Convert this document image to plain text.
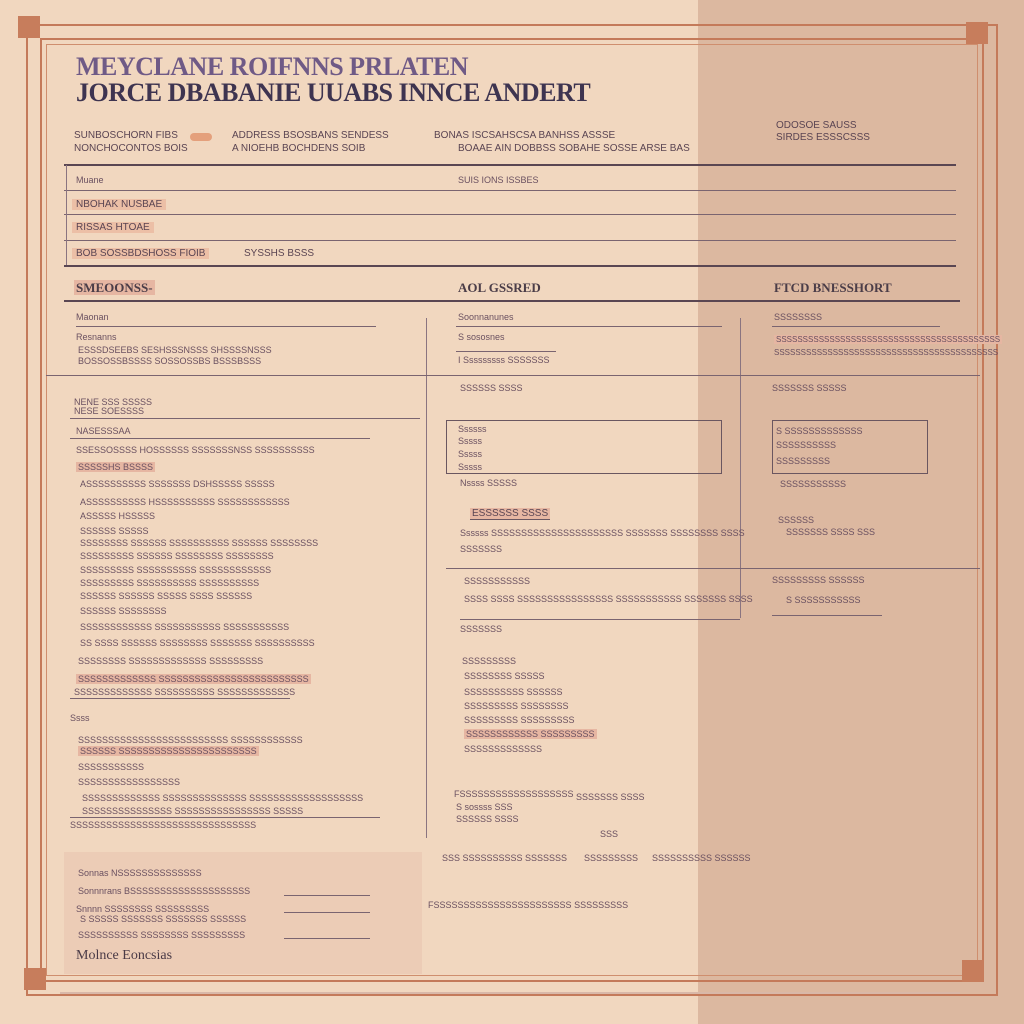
MEYCLANE ROIFNNS PRLATEN
JORCE DBABANIE UUABS INNCE ANDERT
SUNBOSCHORN FIBS
NONCHOCONTOS BOIS
ADDRESS BSOSBANS SENDESS
A NIOEHB BOCHDENS SOIB
BONAS ISCSAHSCSA BANHSS ASSSE
BOAAE AIN DOBBSS SOBAHE SOSSE ARSE BAS
ODOSOE SAUSS
SIRDES ESSSCSSS
Muane	SUIS IONS ISSBES
NBOHAK NUSBAE
RISSAS HTOAE
BOB SOSSBDSHOSS FIOIB	SYSSHS BSSS
SMEOONSS-	AOL GSSRED	FTCD BNESSHORT
Maonan
Resnanns
ESSSDSEEBS SESHSSSNSSS SHSSSSNSSS
BOSSOSSBSSSS SOSSOSSBS BSSSBSSS
NENE SSS SSSSS
NESE SOESSSS
NASESSSAA
SSESSOSSSS HOSSSSSS SSSSSSSNSS SSSSSSSSSS
SSSSSHS BSSSS
ASSSSSSSSSS SSSSSSS DSHSSSSS SSSSS
ASSSSSSSSSS HSSSSSSSSSS SSSSSSSSSSSS
ASSSSS HSSSSS
SSSSSS SSSSS
SSSSSSSS SSSSSS SSSSSSSSSS SSSSSS SSSSSSSS
SSSSSSSSS SSSSSS SSSSSSSS SSSSSSSS
SSSSSSSSS SSSSSSSSSS SSSSSSSSSSSS
SSSSSSSSS SSSSSSSSSS SSSSSSSSSS
SSSSSS SSSSSS SSSSS SSSS SSSSSS
SSSSSS SSSSSSSS
SSSSSSSSSSSS SSSSSSSSSSS SSSSSSSSSSS
SS SSSS SSSSSS SSSSSSSS SSSSSSS SSSSSSSSSS
SSSSSSSS SSSSSSSSSSSSS SSSSSSSSS
SSSSSSSSSSSSS SSSSSSSSSSSSSSSSSSSSSSSSS
SSSSSSSSSSSSS SSSSSSSSSS SSSSSSSSSSSSS
Ssss
SSSSSSSSSSSSSSSSSSSSSSSSS SSSSSSSSSSSS
SSSSSS SSSSSSSSSSSSSSSSSSSSSSS
SSSSSSSSSSS
SSSSSSSSSSSSSSSSS
SSSSSSSSSSSSS SSSSSSSSSSSSSS SSSSSSSSSSSSSSSSSSS
SSSSSSSSSSSSSSS SSSSSSSSSSSSSSSS SSSSS
SSSSSSSSSSSSSSSSSSSSSSSSSSSSSSS
Sonnas NSSSSSSSSSSSSSS
Sonnnrans BSSSSSSSSSSSSSSSSSSSS
Snnnn SSSSSSSS SSSSSSSSS
S SSSSS SSSSSSS SSSSSSS SSSSSS
SSSSSSSSSS SSSSSSSS SSSSSSSSS
Molnce Eoncsias
Soonnanunes
S sososnes
I Sssssssss SSSSSSS
SSSSSS SSSS
Ssssss
Sssss
Sssss
Sssss
Nssss SSSSS
ESSSSSS SSSS
Ssssss SSSSSSSSSSSSSSSSSSSSSS SSSSSSS SSSSSSSS SSSS
SSSSSSS
SSSSSSSSSSS
SSSS SSSS SSSSSSSSSSSSSSSS SSSSSSSSSSS SSSSSSS SSSS
SSSSSSS
SSSSSSSSS
SSSSSSSS SSSSS
SSSSSSSSSS SSSSSS
SSSSSSSSS SSSSSSSS
SSSSSSSSS SSSSSSSSS
SSSSSSSSSSSS SSSSSSSSS
SSSSSSSSSSSSS
FSSSSSSSSSSSSSSSSSSS
S sossss SSS
SSSSSS SSSS
SSSSSSS SSSS
SSS
SSS SSSSSSSSSS SSSSSSS SSSSSSSSS SSSSSSSSSS SSSSSS
FSSSSSSSSSSSSSSSSSSSSSSS SSSSSSSSS
SSSSSSSS
SSSSSSSSSSSSSSSSSSSSSSSSSSSSSSSSSSSSSSSSSS
SSSSSSSSSSSSSSSSSSSSSSSSSSSSSSSSSSSSSSSSSS
SSSSSSS SSSSS
S SSSSSSSSSSSSS
SSSSSSSSSS
SSSSSSSSS
SSSSSSSSSSS
SSSSSS
SSSSSSS SSSS SSS
SSSSSSSSS SSSSSS
S SSSSSSSSSSS
